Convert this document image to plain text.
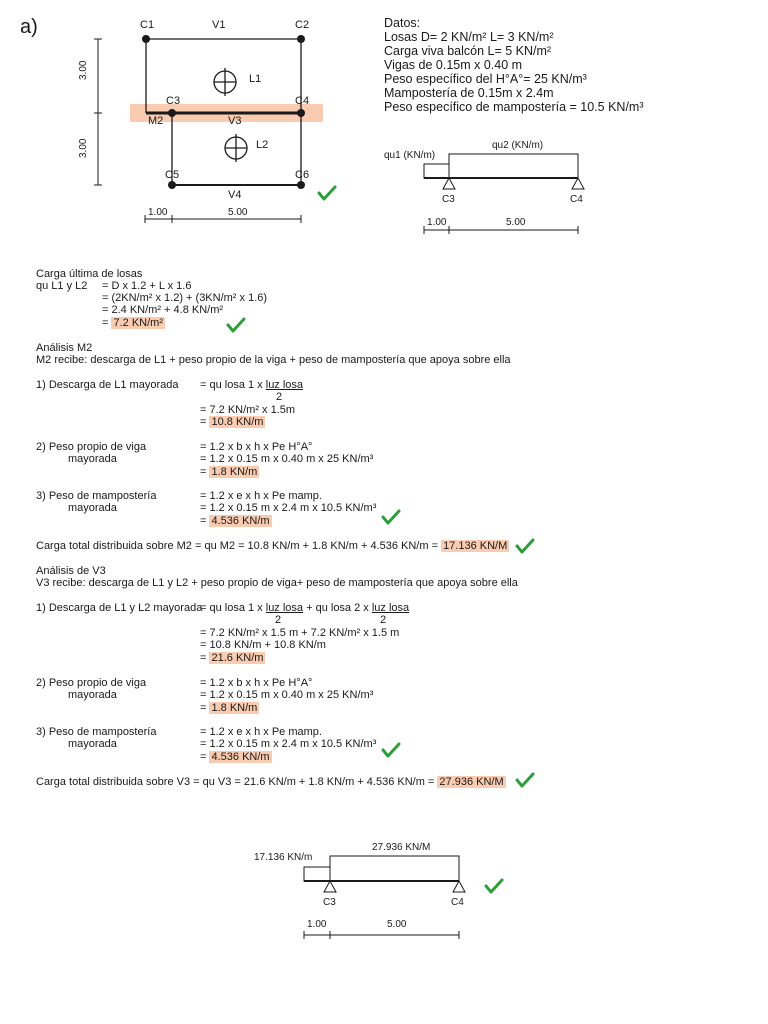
a)	C1	C2
C3	C4
C5	C6
V1
V3
V4
M2
L1
L2
3.00
3.00
1.00	5.00
Datos:
Losas D= 2 KN/m² L= 3 KN/m²
Carga viva balcón L= 5 KN/m²
Vigas de 0.15m x 0.40 m
Peso específico del H°A°= 25 KN/m³
Mampostería de 0.15m x 2.4m
Peso específico de mampostería = 10.5 KN/m³
qu1 (KN/m)
qu2 (KN/m)
C3	C4
1.00	5.00
Carga última de losas
qu L1 y L2 = D x 1.2 + L x 1.6
= (2KN/m² x 1.2) + (3KN/m² x 1.6)
= 2.4 KN/m² + 4.8 KN/m²
= 7.2 KN/m²
Análisis M2
M2 recibe: descarga de L1 + peso propio de la viga + peso de mampostería que apoya sobre ella
1) Descarga de L1 mayorada = qu losa 1 x luz losa
2
= 7.2 KN/m² x 1.5m
= 10.8 KN/m
2) Peso propio de viga
mayorada
= 1.2 x b x h x Pe H°A°
= 1.2 x 0.15 m x 0.40 m x 25 KN/m³
= 1.8 KN/m
3) Peso de mampostería
mayorada
= 1.2 x e x h x Pe mamp.
= 1.2 x 0.15 m x 2.4 m x 10.5 KN/m³
= 4.536 KN/m
Carga total distribuida sobre M2 = qu M2 = 10.8 KN/m + 1.8 KN/m + 4.536 KN/m = 17.136 KN/M
Análisis de V3
V3 recibe: descarga de L1 y L2 + peso propio de viga+ peso de mampostería que apoya sobre ella
1) Descarga de L1 y L2 mayorada
= qu losa 1 x luz losa + qu losa 2 x luz losa
2	2
= 7.2 KN/m² x 1.5 m + 7.2 KN/m² x 1.5 m
= 10.8 KN/m + 10.8 KN/m
= 21.6 KN/m
2) Peso propio de viga
mayorada
= 1.2 x b x h x Pe H°A°
= 1.2 x 0.15 m x 0.40 m x 25 KN/m³
= 1.8 KN/m
3) Peso de mampostería
mayorada
= 1.2 x e x h x Pe mamp.
= 1.2 x 0.15 m x 2.4 m x 10.5 KN/m³
= 4.536 KN/m
Carga total distribuida sobre V3 = qu V3 = 21.6 KN/m + 1.8 KN/m + 4.536 KN/m = 27.936 KN/M
17.136 KN/m
27.936 KN/M
C3	C4
1.00	5.00
